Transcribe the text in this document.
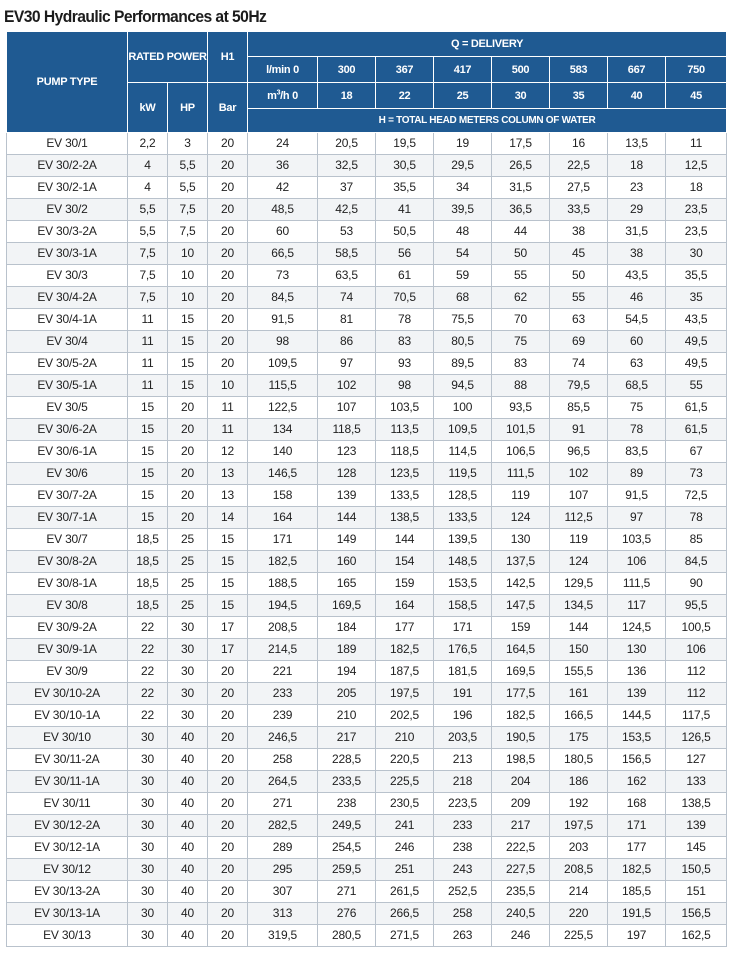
EV30 Hydraulic Performances at 50Hz
PUMP TYPE	RATED POWER		H1	Q = DELIVERY							
				l/min 0	300	367	417	500	583	667	750
	kW	HP	Bar	$m^3/h$ 0	18	22	25	30	35	40	45
				H = TOTAL HEAD METERS COLUMN OF WATER							
EV 30/1	2,2	3	20	24	20,5	19,5	19	17,5	16	13,5	11
EV 30/2-2A	4	5,5	20	36	32,5	30,5	29,5	26,5	22,5	18	12,5
EV 30/2-1A	4	5,5	20	42	37	35,5	34	31,5	27,5	23	18
EV 30/2	5,5	7,5	20	48,5	42,5	41	39,5	36,5	33,5	29	23,5
EV 30/3-2A	5,5	7,5	20	60	53	50,5	48	44	38	31,5	23,5
EV 30/3-1A	7,5	10	20	66,5	58,5	56	54	50	45	38	30
EV 30/3	7,5	10	20	73	63,5	61	59	55	50	43,5	35,5
EV 30/4-2A	7,5	10	20	84,5	74	70,5	68	62	55	46	35
EV 30/4-1A	11	15	20	91,5	81	78	75,5	70	63	54,5	43,5
EV 30/4	11	15	20	98	86	83	80,5	75	69	60	49,5
EV 30/5-2A	11	15	20	109,5	97	93	89,5	83	74	63	49,5
EV 30/5-1A	11	15	10	115,5	102	98	94,5	88	79,5	68,5	55
EV 30/5	15	20	11	122,5	107	103,5	100	93,5	85,5	75	61,5
EV 30/6-2A	15	20	11	134	118,5	113,5	109,5	101,5	91	78	61,5
EV 30/6-1A	15	20	12	140	123	118,5	114,5	106,5	96,5	83,5	67
EV 30/6	15	20	13	146,5	128	123,5	119,5	111,5	102	89	73
EV 30/7-2A	15	20	13	158	139	133,5	128,5	119	107	91,5	72,5
EV 30/7-1A	15	20	14	164	144	138,5	133,5	124	112,5	97	78
EV 30/7	18,5	25	15	171	149	144	139,5	130	119	103,5	85
EV 30/8-2A	18,5	25	15	182,5	160	154	148,5	137,5	124	106	84,5
EV 30/8-1A	18,5	25	15	188,5	165	159	153,5	142,5	129,5	111,5	90
EV 30/8	18,5	25	15	194,5	169,5	164	158,5	147,5	134,5	117	95,5
EV 30/9-2A	22	30	17	208,5	184	177	171	159	144	124,5	100,5
EV 30/9-1A	22	30	17	214,5	189	182,5	176,5	164,5	150	130	106
EV 30/9	22	30	20	221	194	187,5	181,5	169,5	155,5	136	112
EV 30/10-2A	22	30	20	233	205	197,5	191	177,5	161	139	112
EV 30/10-1A	22	30	20	239	210	202,5	196	182,5	166,5	144,5	117,5
EV 30/10	30	40	20	246,5	217	210	203,5	190,5	175	153,5	126,5
EV 30/11-2A	30	40	20	258	228,5	220,5	213	198,5	180,5	156,5	127
EV 30/11-1A	30	40	20	264,5	233,5	225,5	218	204	186	162	133
EV 30/11	30	40	20	271	238	230,5	223,5	209	192	168	138,5
EV 30/12-2A	30	40	20	282,5	249,5	241	233	217	197,5	171	139
EV 30/12-1A	30	40	20	289	254,5	246	238	222,5	203	177	145
EV 30/12	30	40	20	295	259,5	251	243	227,5	208,5	182,5	150,5
EV 30/13-2A	30	40	20	307	271	261,5	252,5	235,5	214	185,5	151
EV 30/13-1A	30	40	20	313	276	266,5	258	240,5	220	191,5	156,5
EV 30/13	30	40	20	319,5	280,5	271,5	263	246	225,5	197	162,5
